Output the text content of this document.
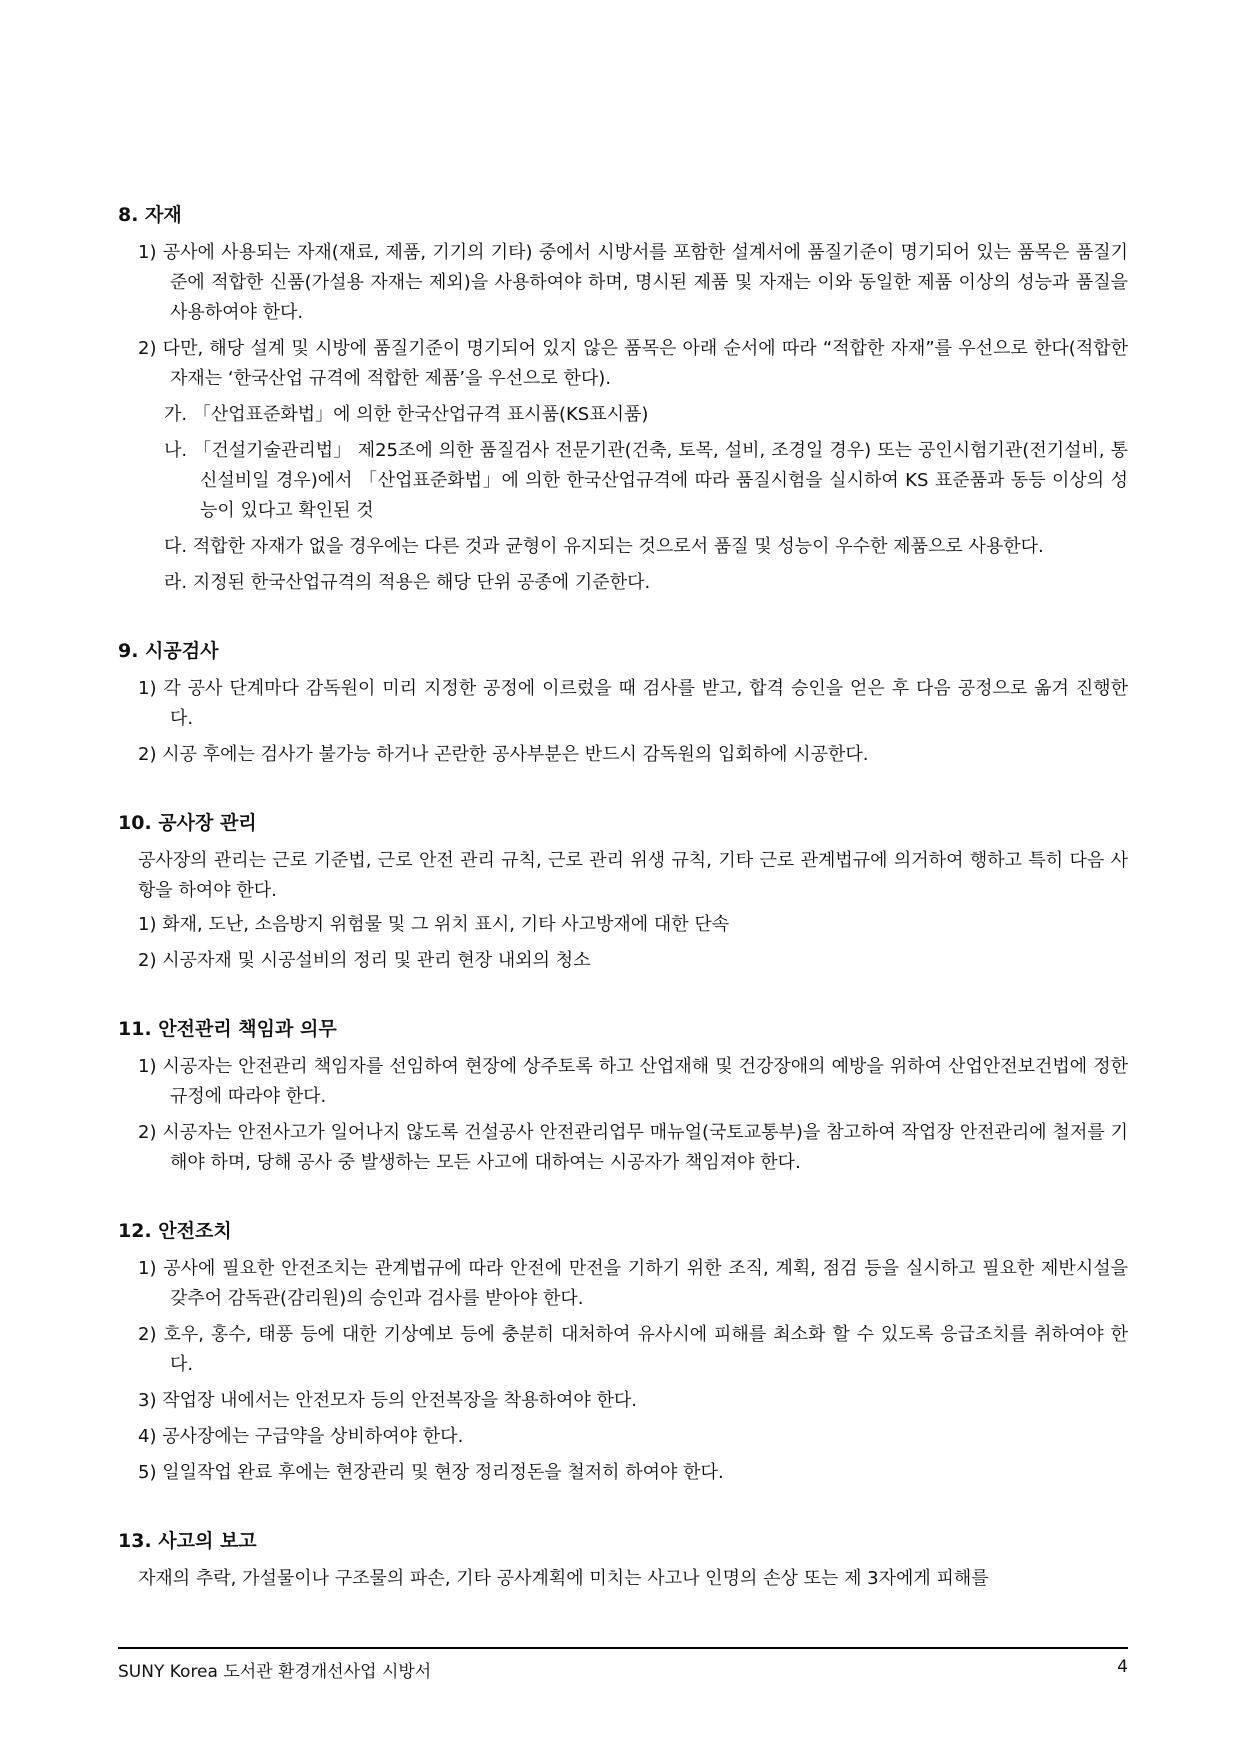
8. 자재
1) 공사에 사용되는 자재(재료, 제품, 기기의 기타) 중에서 시방서를 포함한 설계서에 품질기준이 명기되어 있는 품목은 품질기준에 적합한 신품(가설용 자재는 제외)을 사용하여야 하며, 명시된 제품 및 자재는 이와 동일한 제품 이상의 성능과 품질을 사용하여야 한다.
2) 다만, 해당 설계 및 시방에 품질기준이 명기되어 있지 않은 품목은 아래 순서에 따라 “적합한 자재”를 우선으로 한다(적합한 자재는 ‘한국산업 규격에 적합한 제품’을 우선으로 한다).
가. 「산업표준화법」에 의한 한국산업규격 표시품(KS표시품)
나. 「건설기술관리법」 제25조에 의한 품질검사 전문기관(건축, 토목, 설비, 조경일 경우) 또는 공인시험기관(전기설비, 통신설비일 경우)에서 「산업표준화법」에 의한 한국산업규격에 따라 품질시험을 실시하여 KS 표준품과 동등 이상의 성능이 있다고 확인된 것
다. 적합한 자재가 없을 경우에는 다른 것과 균형이 유지되는 것으로서 품질 및 성능이 우수한 제품으로 사용한다.
라. 지정된 한국산업규격의 적용은 해당 단위 공종에 기준한다.
9. 시공검사
1) 각 공사 단계마다 감독원이 미리 지정한 공정에 이르렀을 때 검사를 받고, 합격 승인을 얻은 후 다음 공정으로 옮겨 진행한다.
2) 시공 후에는 검사가 불가능 하거나 곤란한 공사부분은 반드시 감독원의 입회하에 시공한다.
10. 공사장 관리
공사장의 관리는 근로 기준법, 근로 안전 관리 규칙, 근로 관리 위생 규칙, 기타 근로 관계법규에 의거하여 행하고 특히 다음 사항을 하여야 한다.
1) 화재, 도난, 소음방지 위험물 및 그 위치 표시, 기타 사고방재에 대한 단속
2) 시공자재 및 시공설비의 정리 및 관리 현장 내외의 청소
11. 안전관리 책임과 의무
1) 시공자는 안전관리 책임자를 선임하여 현장에 상주토록 하고 산업재해 및 건강장애의 예방을 위하여 산업안전보건법에 정한 규정에 따라야 한다.
2) 시공자는 안전사고가 일어나지 않도록 건설공사 안전관리업무 매뉴얼(국토교통부)을 참고하여 작업장 안전관리에 철저를 기해야 하며, 당해 공사 중 발생하는 모든 사고에 대하여는 시공자가 책임져야 한다.
12. 안전조치
1) 공사에 필요한 안전조치는 관계법규에 따라 안전에 만전을 기하기 위한 조직, 계획, 점검 등을 실시하고 필요한 제반시설을 갖추어 감독관(감리원)의 승인과 검사를 받아야 한다.
2) 호우, 홍수, 태풍 등에 대한 기상예보 등에 충분히 대처하여 유사시에 피해를 최소화 할 수 있도록 응급조치를 취하여야 한다.
3) 작업장 내에서는 안전모자 등의 안전복장을 착용하여야 한다.
4) 공사장에는 구급약을 상비하여야 한다.
5) 일일작업 완료 후에는 현장관리 및 현장 정리정돈을 철저히 하여야 한다.
13. 사고의 보고
자재의 추락, 가설물이나 구조물의 파손, 기타 공사계획에 미치는 사고나 인명의 손상 또는 제 3자에게 피해를
SUNY Korea 도서관 환경개선사업 시방서	4
